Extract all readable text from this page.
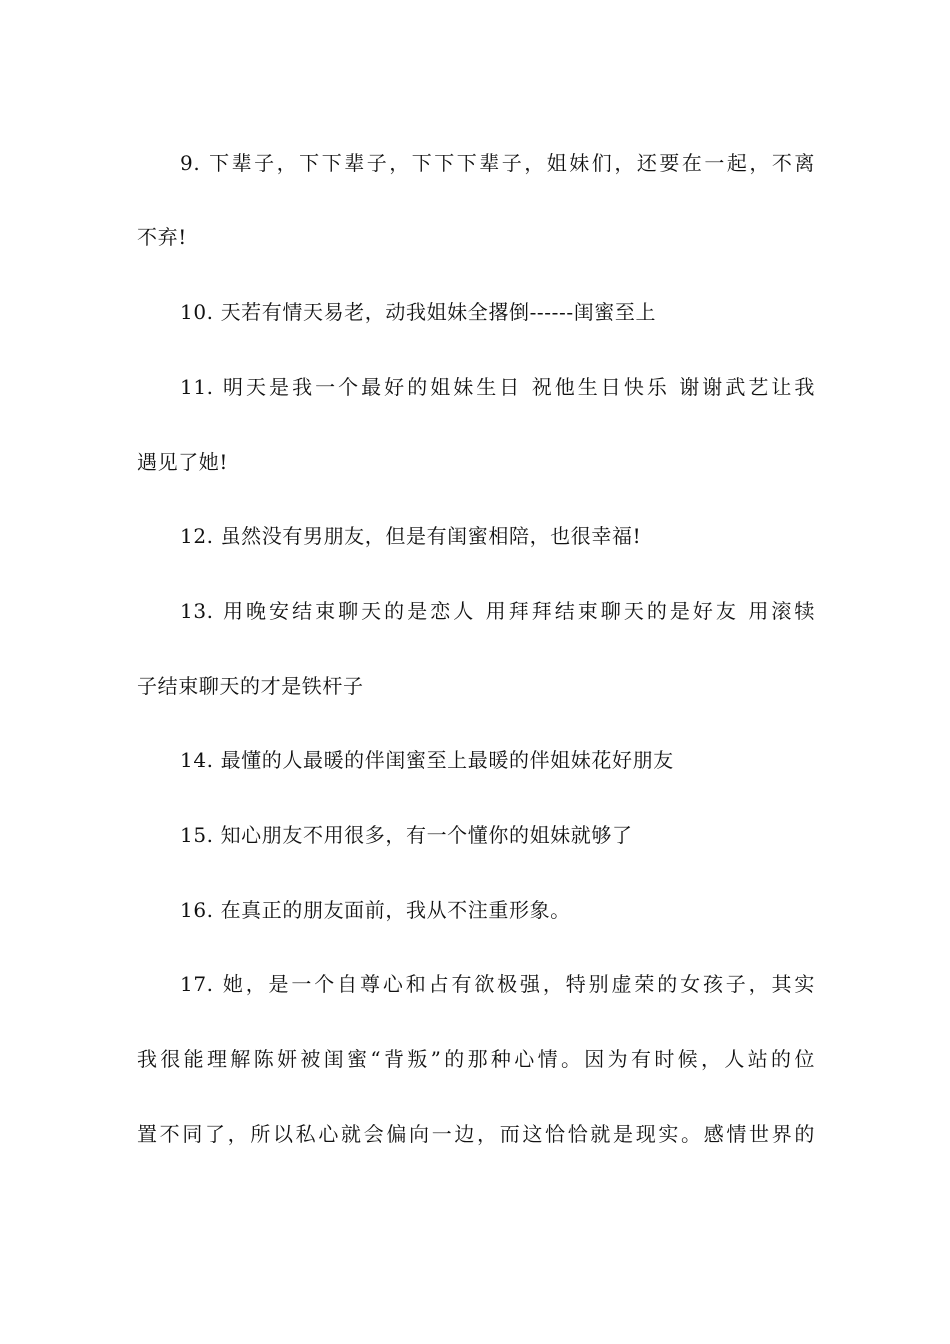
9. 下辈子，下下辈子，下下下辈子，姐妹们，还要在一起，不离
不弃!
10. 天若有情天易老，动我姐妹全撂倒------闺蜜至上
11. 明天是我一个最好的姐妹生日 祝他生日快乐 谢谢武艺让我
遇见了她!
12. 虽然没有男朋友，但是有闺蜜相陪，也很幸福!
13. 用晚安结束聊天的是恋人 用拜拜结束聊天的是好友 用滚犊
子结束聊天的才是铁杆子
14. 最懂的人最暖的伴闺蜜至上最暖的伴姐妹花好朋友
15. 知心朋友不用很多，有一个懂你的姐妹就够了
16. 在真正的朋友面前，我从不注重形象。
17. 她，是一个自尊心和占有欲极强，特别虚荣的女孩子，其实
我很能理解陈妍被闺蜜“背叛”的那种心情。因为有时候，人站的位
置不同了，所以私心就会偏向一边，而这恰恰就是现实。感情世界的
